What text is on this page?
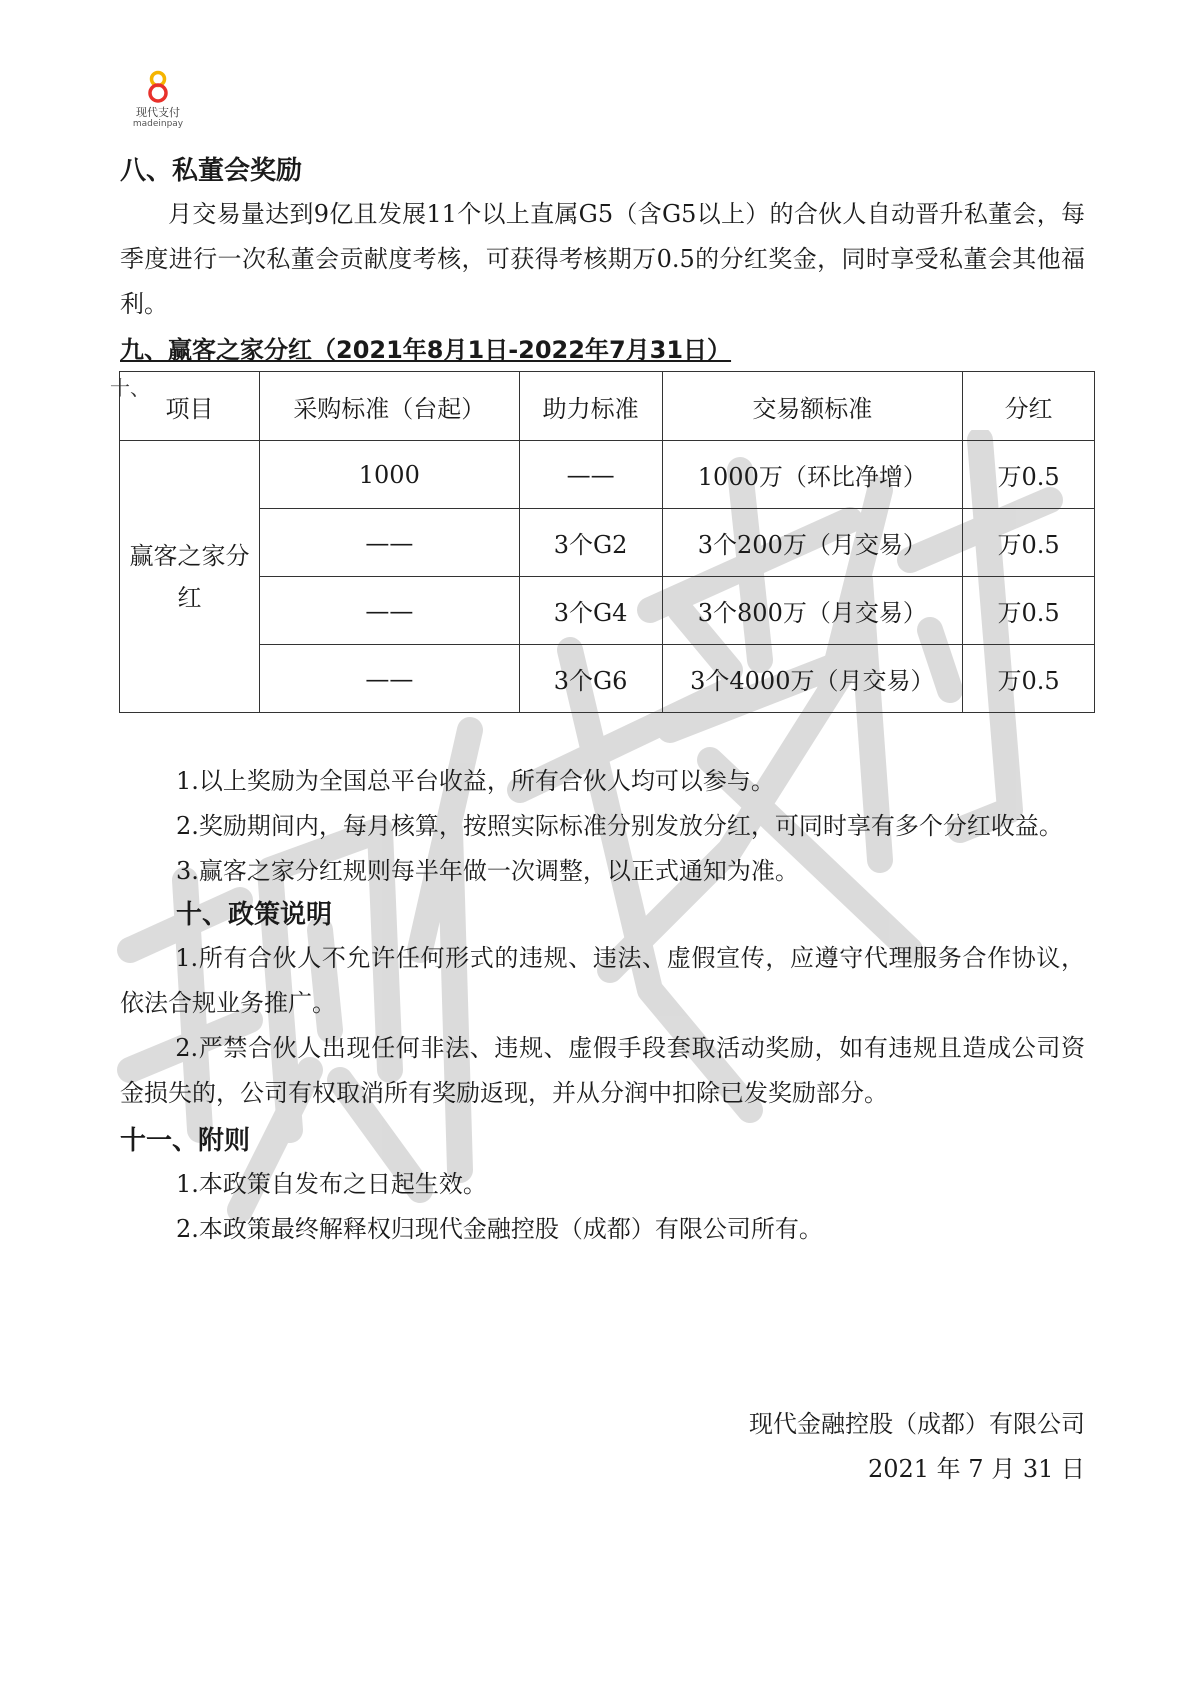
现代支付
madeinpay
八、私董会奖励

月交易量达到9亿且发展11个以上直属G5（含G5以上）的合伙人自动晋升私董会，每季度进行一次私董会贡献度考核，可获得考核期万0.5的分红奖金，同时享受私董会其他福利。

九、赢客之家分红（2021年8月1日-2022年7月31日）
十、
项目	采购标准（台起）	助力标准	交易额标准	分红

赢客之家分红	1000	——	1000万（环比净增）	万0.5
	——	3个G2	3个200万（月交易）	万0.5
	——	3个G4	3个800万（月交易）	万0.5
	——	3个G6	3个4000万（月交易）	万0.5

1.以上奖励为全国总平台收益，所有合伙人均可以参与。

2.奖励期间内，每月核算，按照实际标准分别发放分红，可同时享有多个分红收益。

3.赢客之家分红规则每半年做一次调整，以正式通知为准。

十、政策说明

1.所有合伙人不允许任何形式的违规、违法、虚假宣传，应遵守代理服务合作协议，依法合规业务推广。

2.严禁合伙人出现任何非法、违规、虚假手段套取活动奖励，如有违规且造成公司资金损失的，公司有权取消所有奖励返现，并从分润中扣除已发奖励部分。

十一、附则

1.本政策自发布之日起生效。

2.本政策最终解释权归现代金融控股（成都）有限公司所有。

现代金融控股（成都）有限公司
2021 年 7 月 31 日
